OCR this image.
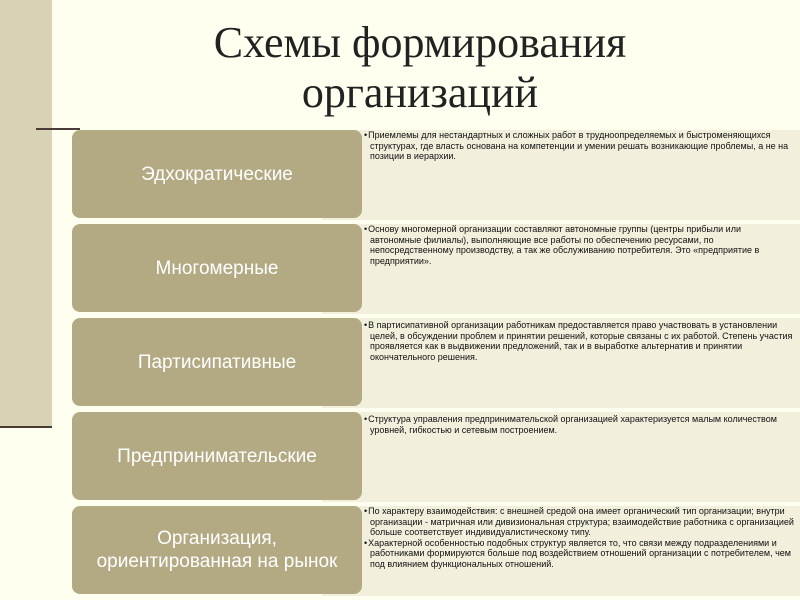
Схемы формирования организаций
Эдхократические

• Приемлемы для нестандартных и сложных работ в трудноопределяемых и быстроменяющихся структурах, где власть основана на компетенции и умении решать возникающие проблемы, а не на позиции в иерархии.

Многомерные

• Основу многомерной организации составляют автономные группы (центры прибыли или автономные филиалы), выполняющие все работы по обеспечению ресурсами, по непосредственному производству, а так же обслуживанию потребителя. Это «предприятие в предприятии».

Партисипативные

• В партисипативной организации работникам предоставляется право участвовать в установлении целей, в обсуждении проблем и принятии решений, которые связаны с их работой. Степень участия проявляется как в выдвижении предложений, так и в выработке альтернатив и принятии окончательного решения.

Предпринимательские

• Структура управления предпринимательской организацией характеризуется малым количеством уровней, гибкостью и сетевым построением.

Организация, ориентированная на рынок

• По характеру взаимодействия: с внешней средой она имеет органический тип организации; внутри организации - матричная или дивизиональная структура; взаимодействие работника с организацией больше соответствует индивидуалистическому типу.

• Характерной особенностью подобных структур является то, что связи между подразделениями и работниками формируются больше под воздействием отношений организации с потребителем, чем под влиянием функциональных отношений.
